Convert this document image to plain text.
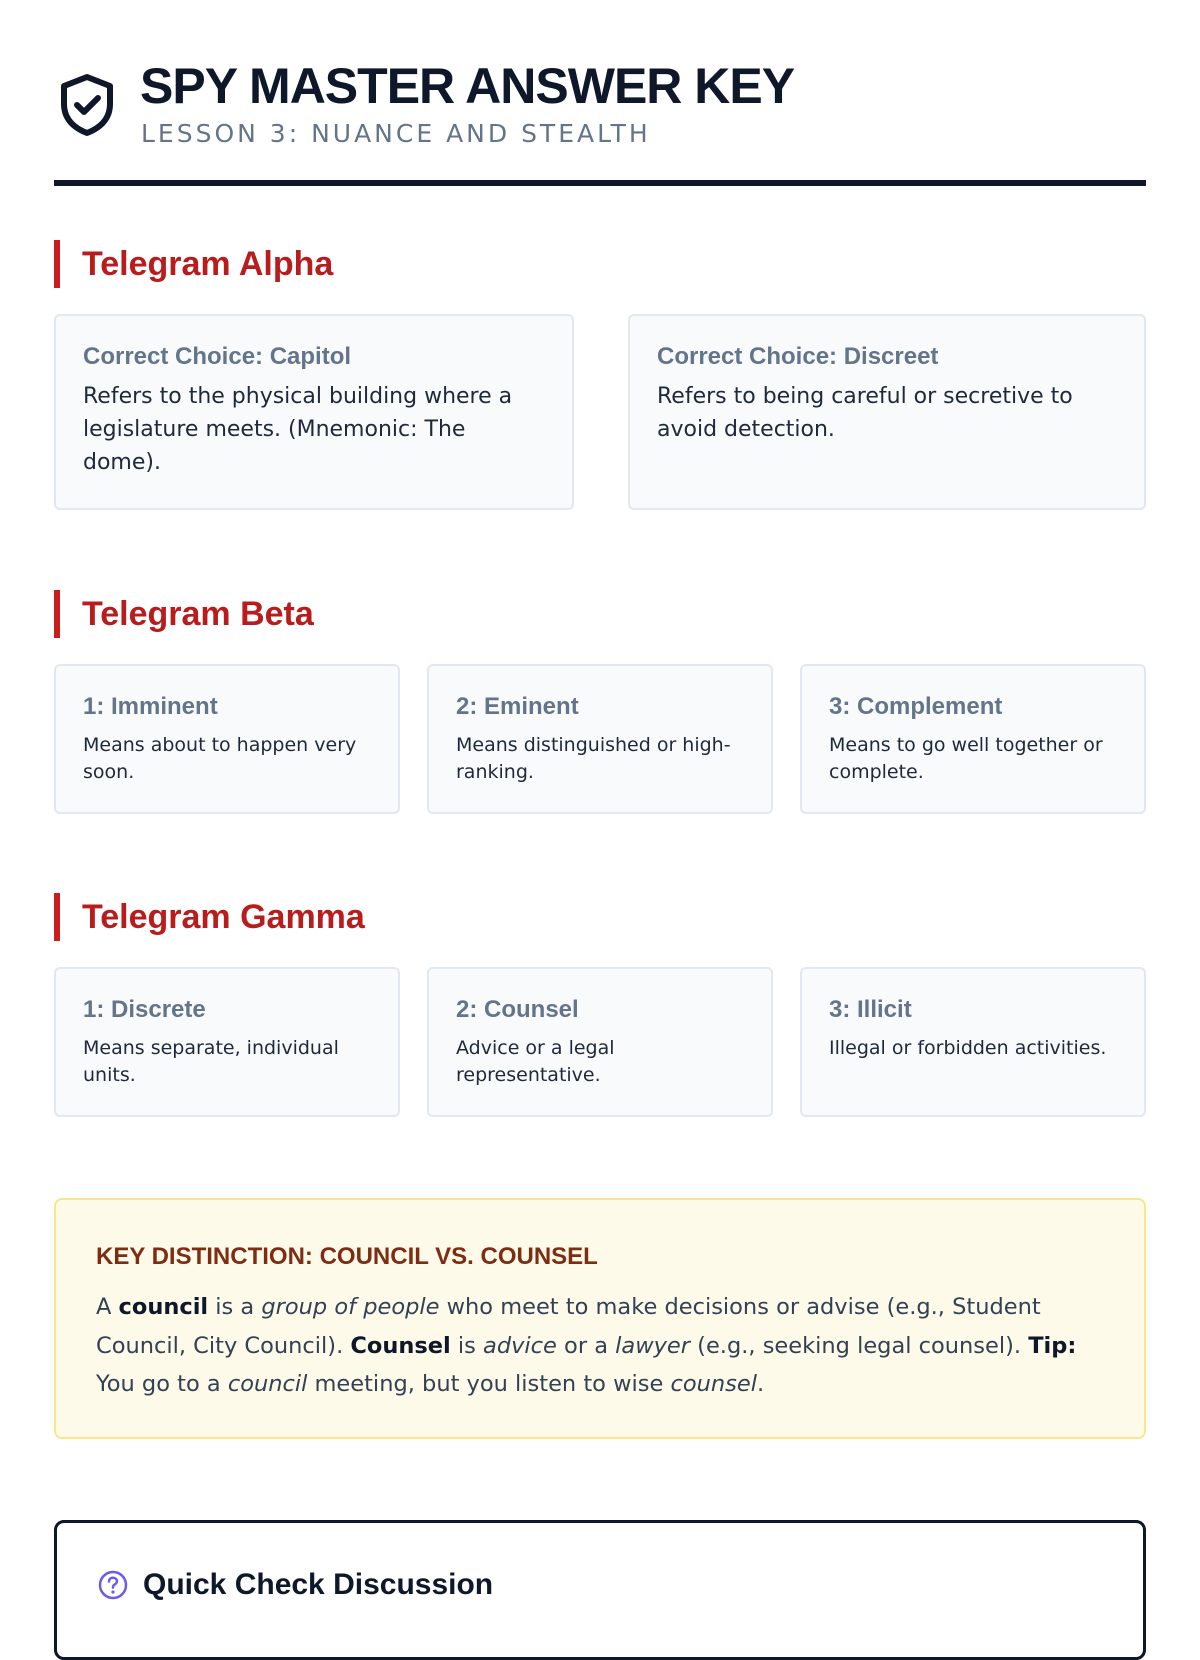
SPY MASTER ANSWER KEY
LESSON 3: NUANCE AND STEALTH
Telegram Alpha
Correct Choice: Capitol

Refers to the physical building where a legislature meets. (Mnemonic: The dome).

Correct Choice: Discreet

Refers to being careful or secretive to avoid detection.

Telegram Beta
1: Imminent

Means about to happen very soon.

2: Eminent

Means distinguished or high-ranking.

3: Complement

Means to go well together or complete.

Telegram Gamma
1: Discrete

Means separate, individual units.

2: Counsel

Advice or a legal representative.

3: Illicit

Illegal or forbidden activities.

KEY DISTINCTION: COUNCIL VS. COUNSEL

A council is a group of people who meet to make decisions or advise (e.g., Student Council, City Council). Counsel is advice or a lawyer (e.g., seeking legal counsel). Tip: You go to a council meeting, but you listen to wise counsel.

Quick Check Discussion
